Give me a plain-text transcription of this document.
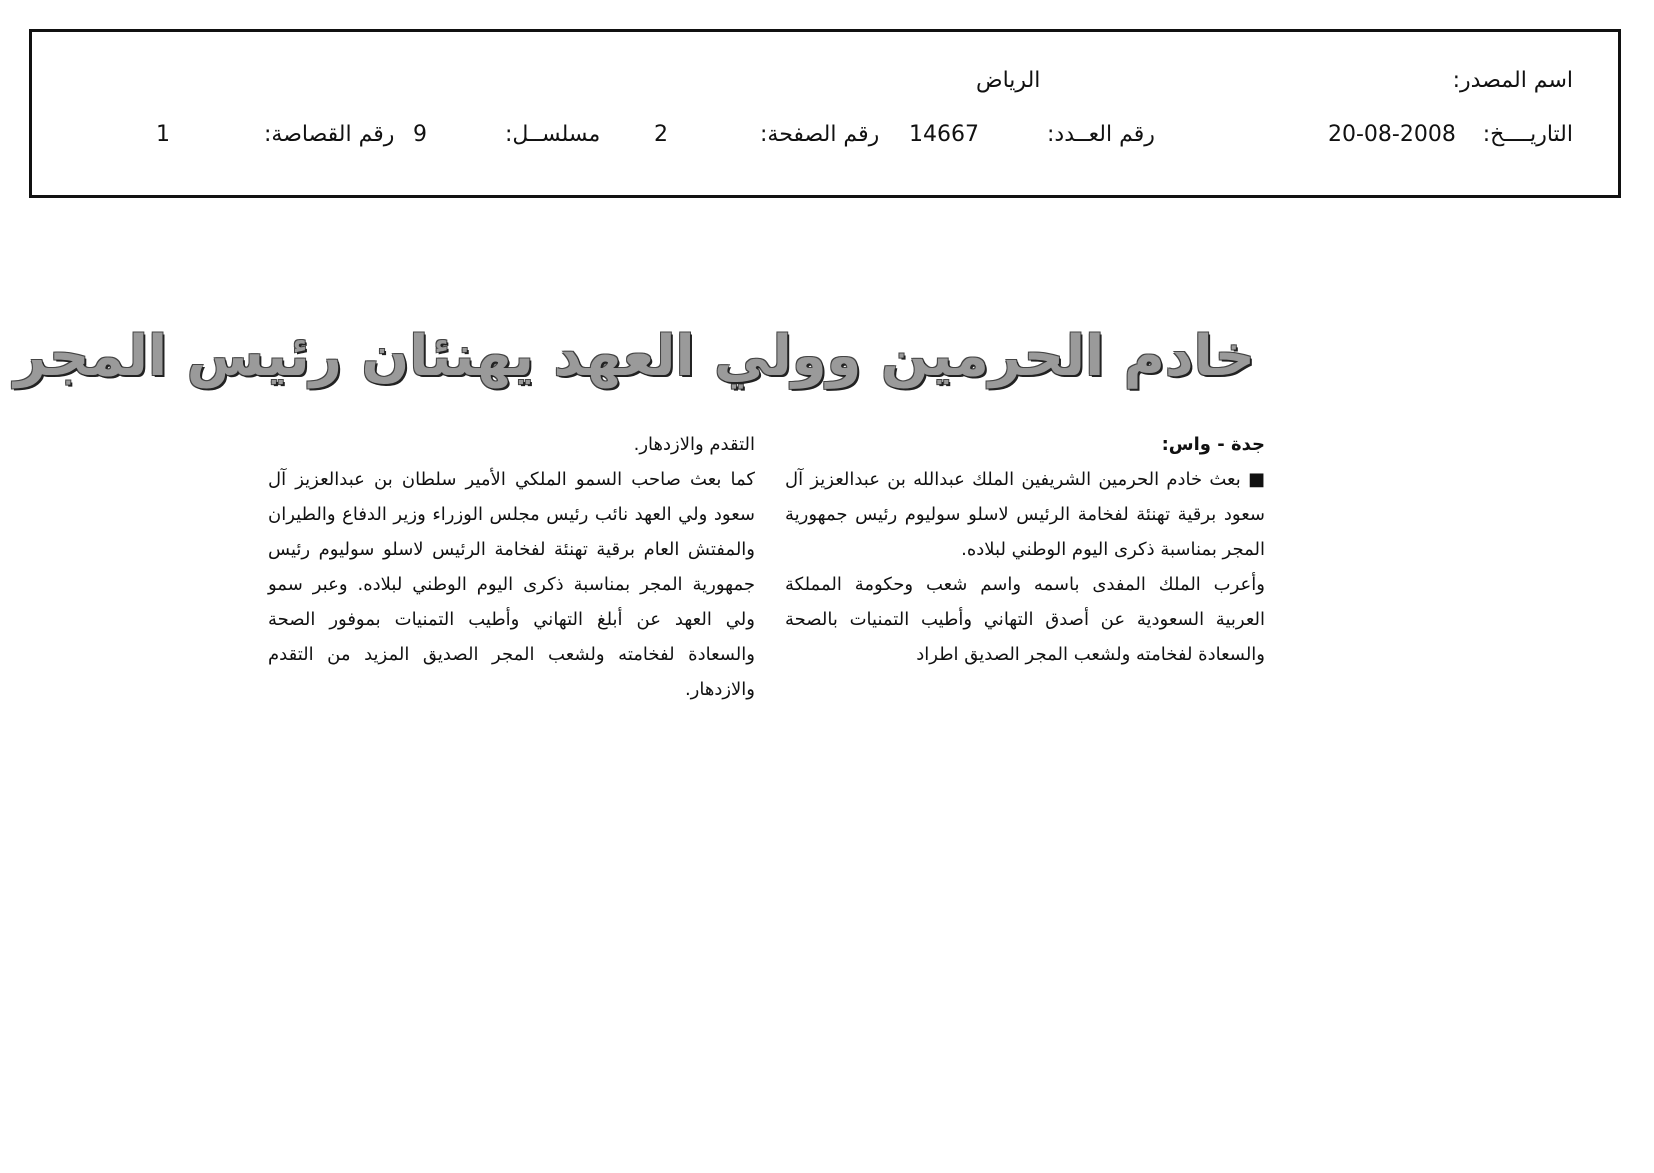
اسم المصدر:
الرياض
التاريــــخ:
20-08-2008
رقم العــدد:
14667
رقم الصفحة:
2
مسلســل:
9
رقم القصاصة:
1
خادم الحرمين وولي العهد يهنئان رئيس المجر

جدة - واس:

■ بعث خادم الحرمين الشريفين الملك عبدالله بن عبدالعزيز آل سعود برقية تهنئة لفخامة الرئيس لاسلو سوليوم رئيس جمهورية المجر بمناسبة ذكرى اليوم الوطني لبلاده.

وأعرب الملك المفدى باسمه واسم شعب وحكومة المملكة العربية السعودية عن أصدق التهاني وأطيب التمنيات بالصحة والسعادة لفخامته ولشعب المجر الصديق اطراد

التقدم والازدهار.

كما بعث صاحب السمو الملكي الأمير سلطان بن عبدالعزيز آل سعود ولي العهد نائب رئيس مجلس الوزراء وزير الدفاع والطيران والمفتش العام برقية تهنئة لفخامة الرئيس لاسلو سوليوم رئيس جمهورية المجر بمناسبة ذكرى اليوم الوطني لبلاده. وعبر سمو ولي العهد عن أبلغ التهاني وأطيب التمنيات بموفور الصحة والسعادة لفخامته ولشعب المجر الصديق المزيد من التقدم والازدهار.
